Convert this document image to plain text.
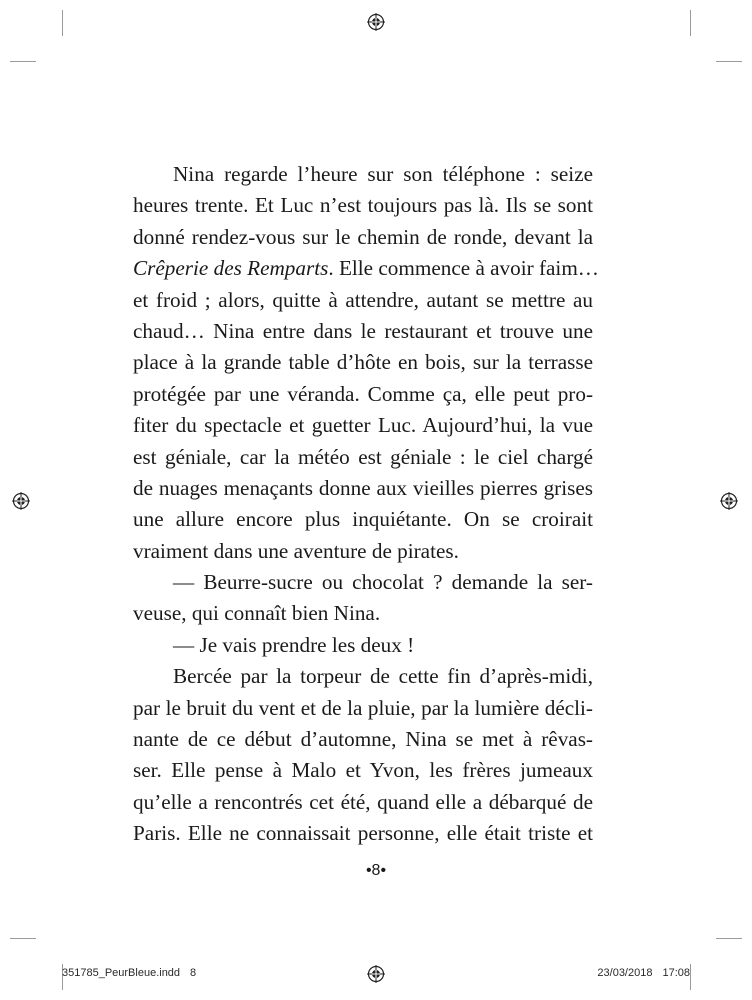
Nina regarde l’heure sur son téléphone : seize
heures trente. Et Luc n’est toujours pas là. Ils se sont
donné rendez-vous sur le chemin de ronde, devant la
Crêperie des Remparts. Elle commence à avoir faim…
et froid ; alors, quitte à attendre, autant se mettre au
chaud… Nina entre dans le restaurant et trouve une
place à la grande table d’hôte en bois, sur la terrasse
protégée par une véranda. Comme ça, elle peut pro-
fiter du spectacle et guetter Luc. Aujourd’hui, la vue
est géniale, car la météo est géniale : le ciel chargé
de nuages menaçants donne aux vieilles pierres grises
une allure encore plus inquiétante. On se croirait
vraiment dans une aventure de pirates.
— Beurre-sucre ou chocolat ? demande la ser-
veuse, qui connaît bien Nina.
— Je vais prendre les deux !
Bercée par la torpeur de cette fin d’après-midi,
par le bruit du vent et de la pluie, par la lumière décli-
nante de ce début d’automne, Nina se met à rêvas-
ser. Elle pense à Malo et Yvon, les frères jumeaux
qu’elle a rencontrés cet été, quand elle a débarqué de
Paris. Elle ne connaissait personne, elle était triste et
•8•
351785_PeurBleue.indd 8	23/03/2018 17:08
